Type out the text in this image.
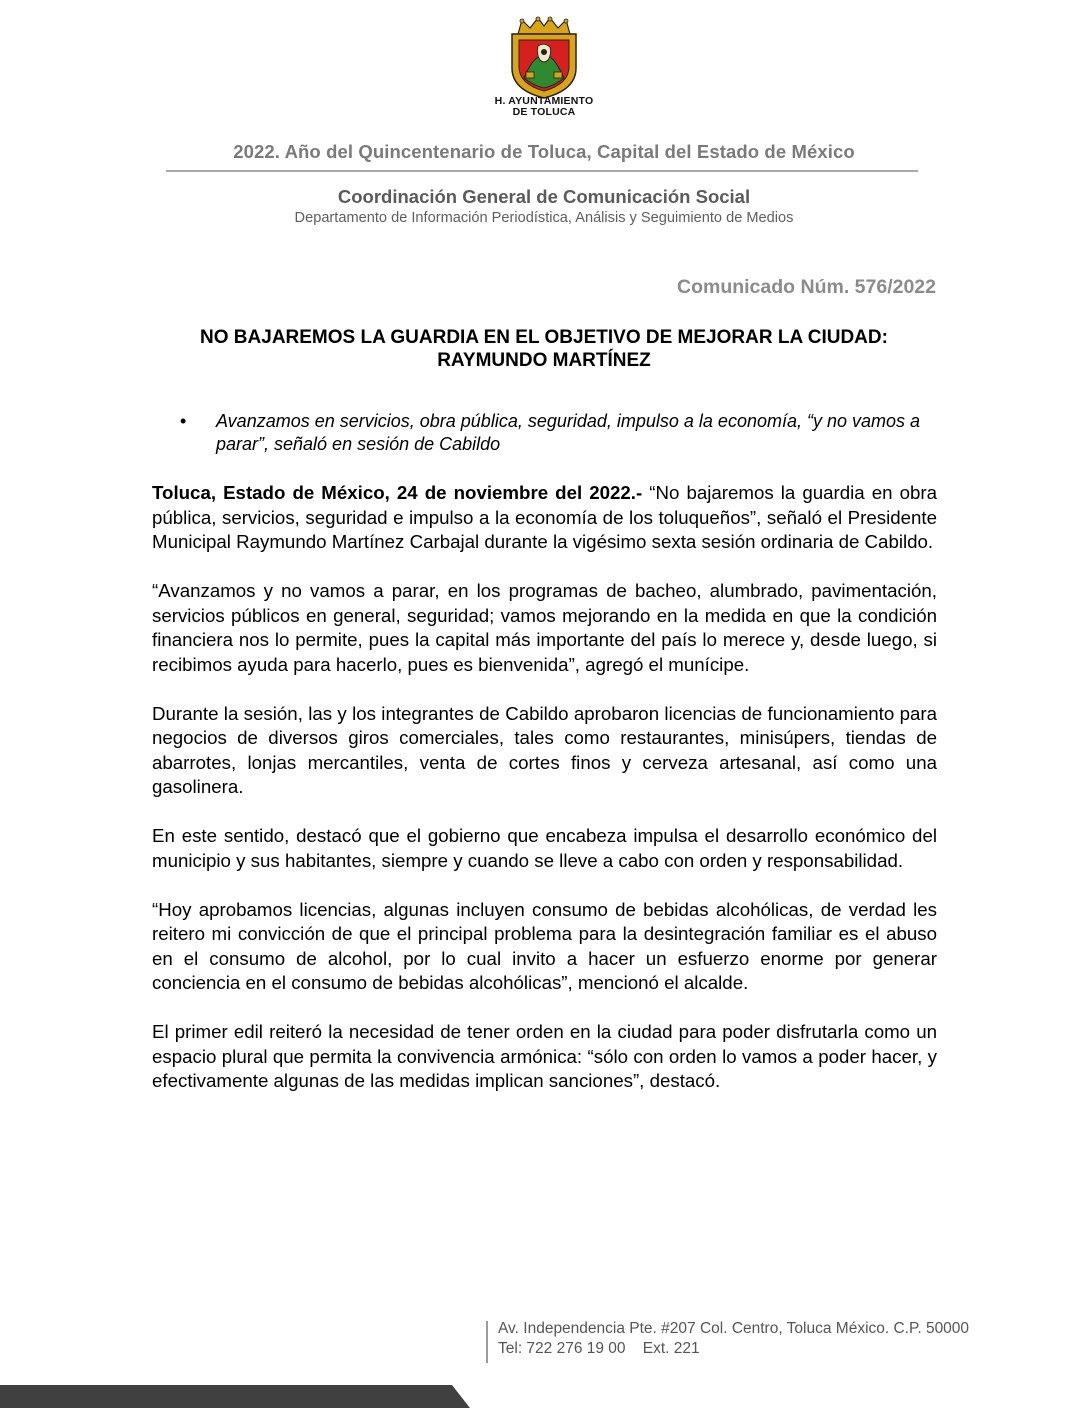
H. AYUNTAMIENTO
DE TOLUCA
2022. Año del Quincentenario de Toluca, Capital del Estado de México
Coordinación General de Comunicación Social
Departamento de Información Periodística, Análisis y Seguimiento de Medios
Comunicado Núm. 576/2022
NO BAJAREMOS LA GUARDIA EN EL OBJETIVO DE MEJORAR LA CIUDAD:
RAYMUNDO MARTÍNEZ
•	Avanzamos en servicios, obra pública, seguridad, impulso a la economía, “y no vamos a parar”, señaló en sesión de Cabildo

Toluca, Estado de México, 24 de noviembre del 2022.- “No bajaremos la guardia en obra pública, servicios, seguridad e impulso a la economía de los toluqueños”, señaló el Presidente Municipal Raymundo Martínez Carbajal durante la vigésimo sexta sesión ordinaria de Cabildo.

“Avanzamos y no vamos a parar, en los programas de bacheo, alumbrado, pavimentación, servicios públicos en general, seguridad; vamos mejorando en la medida en que la condición financiera nos lo permite, pues la capital más importante del país lo merece y, desde luego, si recibimos ayuda para hacerlo, pues es bienvenida”, agregó el munícipe.

Durante la sesión, las y los integrantes de Cabildo aprobaron licencias de funcionamiento para negocios de diversos giros comerciales, tales como restaurantes, minisúpers, tiendas de abarrotes, lonjas mercantiles, venta de cortes finos y cerveza artesanal, así como una gasolinera.

En este sentido, destacó que el gobierno que encabeza impulsa el desarrollo económico del municipio y sus habitantes, siempre y cuando se lleve a cabo con orden y responsabilidad.

“Hoy aprobamos licencias, algunas incluyen consumo de bebidas alcohólicas, de verdad les reitero mi convicción de que el principal problema para la desintegración familiar es el abuso en el consumo de alcohol, por lo cual invito a hacer un esfuerzo enorme por generar conciencia en el consumo de bebidas alcohólicas”, mencionó el alcalde.

El primer edil reiteró la necesidad de tener orden en la ciudad para poder disfrutarla como un espacio plural que permita la convivencia armónica: “sólo con orden lo vamos a poder hacer, y efectivamente algunas de las medidas implican sanciones”, destacó.

Av. Independencia Pte. #207 Col. Centro, Toluca México. C.P. 50000
Tel: 722 276 19 00    Ext. 221
